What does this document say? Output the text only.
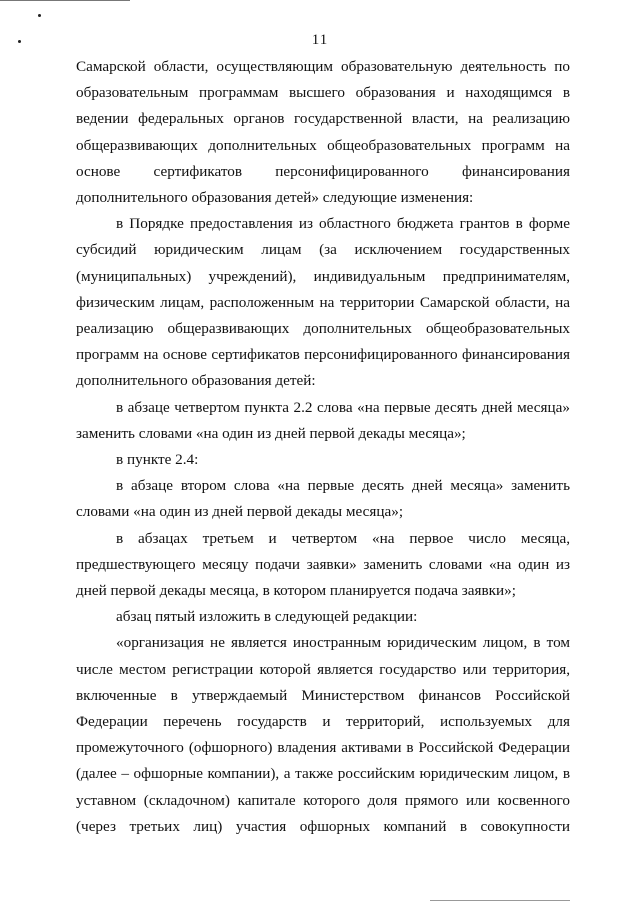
11
Самарской области, осуществляющим образовательную деятельность по
образовательным программам высшего образования и находящимся в
ведении федеральных органов государственной власти, на реализацию
общеразвивающих дополнительных общеобразовательных программ на
основе сертификатов персонифицированного финансирования
дополнительного образования детей» следующие изменения:
в Порядке предоставления из областного бюджета грантов в форме
субсидий юридическим лицам (за исключением государственных
(муниципальных) учреждений), индивидуальным предпринимателям,
физическим лицам, расположенным на территории Самарской области, на
реализацию общеразвивающих дополнительных общеобразовательных
программ на основе сертификатов персонифицированного финансирования
дополнительного образования детей:
в абзаце четвертом пункта 2.2 слова «на первые десять дней месяца»
заменить словами «на один из дней первой декады месяца»;
в пункте 2.4:
в абзаце втором слова «на первые десять дней месяца» заменить
словами «на один из дней первой декады месяца»;
в абзацах третьем и четвертом «на первое число месяца,
предшествующего месяцу подачи заявки» заменить словами «на один из
дней первой декады месяца, в котором планируется подача заявки»;
абзац пятый изложить в следующей редакции:
«организация не является иностранным юридическим лицом, в том
числе местом регистрации которой является государство или территория,
включенные в утверждаемый Министерством финансов Российской
Федерации перечень государств и территорий, используемых для
промежуточного (офшорного) владения активами в Российской Федерации
(далее – офшорные компании), а также российским юридическим лицом, в
уставном (складочном) капитале которого доля прямого или косвенного
(через третьих лиц) участия офшорных компаний в совокупности
